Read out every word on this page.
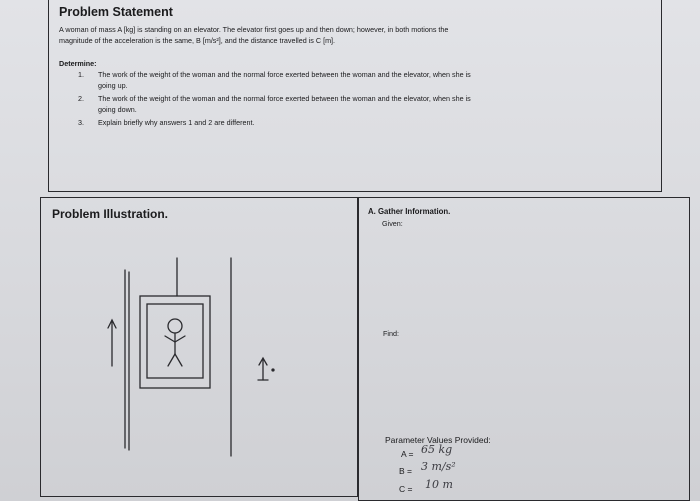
Problem Statement
A woman of mass A [kg] is standing on an elevator. The elevator first goes up and then down; however, in both motions the
magnitude of the acceleration is the same, B [m/s²], and the distance travelled is C [m].
Determine:
1. The work of the weight of the woman and the normal force exerted between the woman and the elevator, when she is
going up.
2. The work of the weight of the woman and the normal force exerted between the woman and the elevator, when she is
going down.
3. Explain briefly why answers 1 and 2 are different.
Problem Illustration.	A. Gather Information.
Given:
Find:
Parameter Values Provided:
A = 65 kg
B = 3 m/s²
C = 10 m
